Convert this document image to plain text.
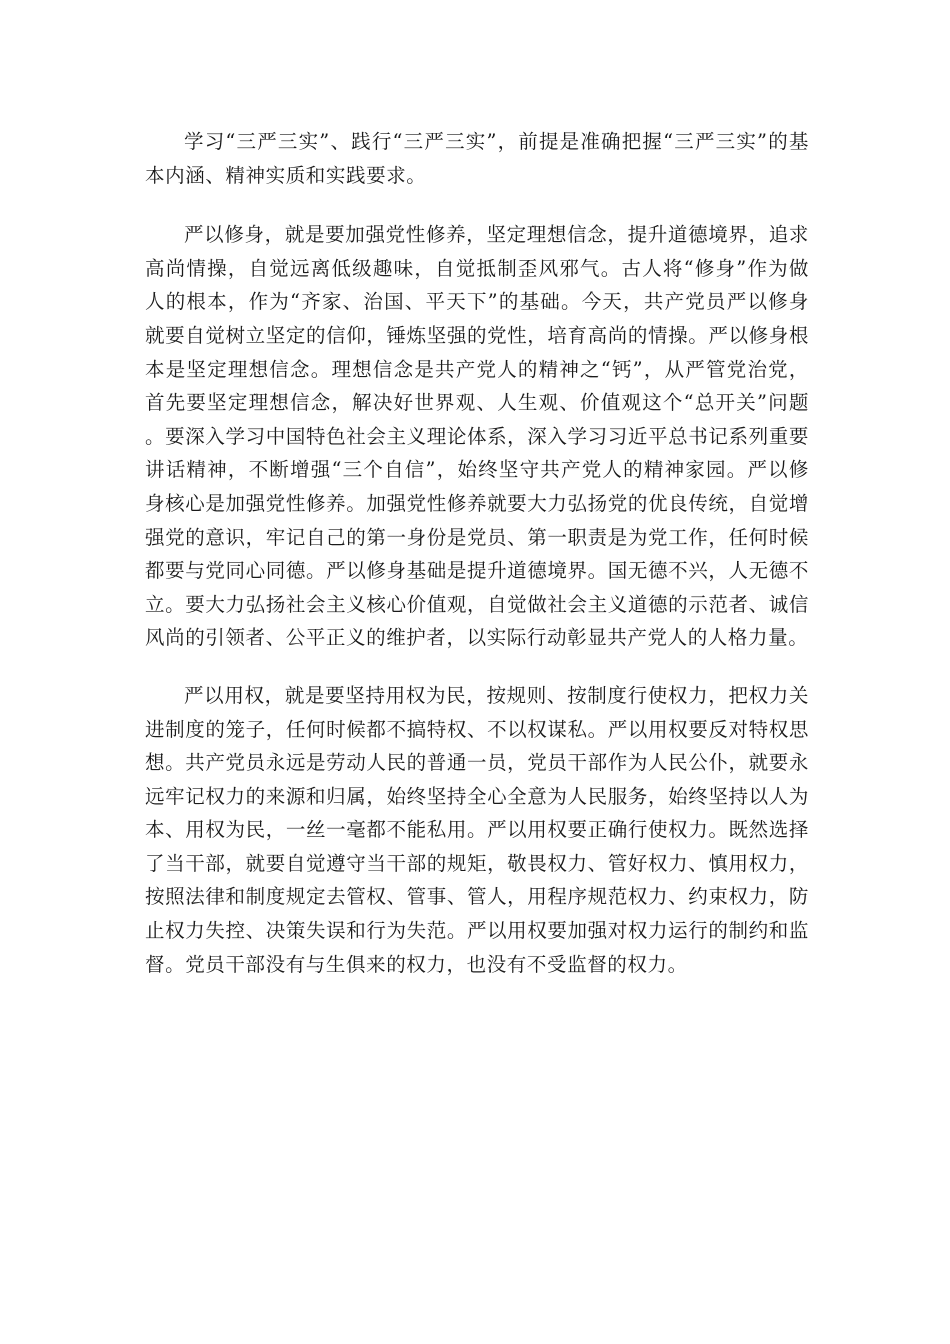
学习“三严三实”、践行“三严三实”，前提是准确把握“三严三实”的基本内涵、精神实质和实践要求。

严以修身，就是要加强党性修养，坚定理想信念，提升道德境界，追求高尚情操，自觉远离低级趣味，自觉抵制歪风邪气。古人将“修身”作为做人的根本，作为“齐家、治国、平天下”的基础。今天，共产党员严以修身就要自觉树立坚定的信仰，锤炼坚强的党性，培育高尚的情操。严以修身根本是坚定理想信念。理想信念是共产党人的精神之“钙”，从严管党治党，首先要坚定理想信念，解决好世界观、人生观、价值观这个“总开关”问题。要深入学习中国特色社会主义理论体系，深入学习习近平总书记系列重要讲话精神，不断增强“三个自信”，始终坚守共产党人的精神家园。严以修身核心是加强党性修养。加强党性修养就要大力弘扬党的优良传统，自觉增强党的意识，牢记自己的第一身份是党员、第一职责是为党工作，任何时候都要与党同心同德。严以修身基础是提升道德境界。国无德不兴，人无德不立。要大力弘扬社会主义核心价值观，自觉做社会主义道德的示范者、诚信风尚的引领者、公平正义的维护者，以实际行动彰显共产党人的人格力量。

严以用权，就是要坚持用权为民，按规则、按制度行使权力，把权力关进制度的笼子，任何时候都不搞特权、不以权谋私。严以用权要反对特权思想。共产党员永远是劳动人民的普通一员，党员干部作为人民公仆，就要永远牢记权力的来源和归属，始终坚持全心全意为人民服务，始终坚持以人为本、用权为民，一丝一毫都不能私用。严以用权要正确行使权力。既然选择了当干部，就要自觉遵守当干部的规矩，敬畏权力、管好权力、慎用权力，按照法律和制度规定去管权、管事、管人，用程序规范权力、约束权力，防止权力失控、决策失误和行为失范。严以用权要加强对权力运行的制约和监督。党员干部没有与生俱来的权力，也没有不受监督的权力。
